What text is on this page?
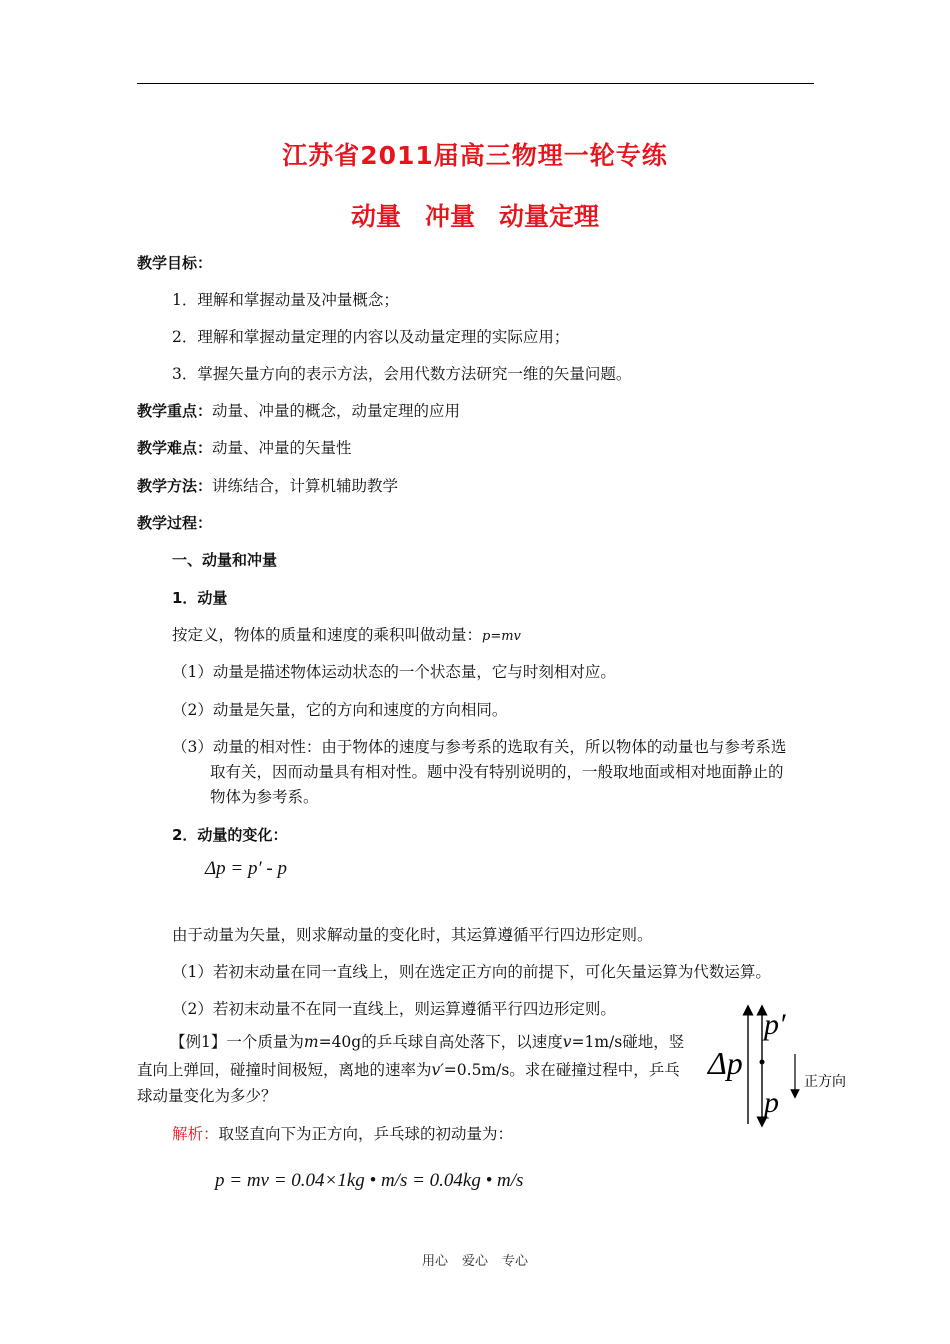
江苏省2011届高三物理一轮专练
动量 冲量 动量定理
教学目标：
1．理解和掌握动量及冲量概念；
2．理解和掌握动量定理的内容以及动量定理的实际应用；
3．掌握矢量方向的表示方法，会用代数方法研究一维的矢量问题。
教学重点：动量、冲量的概念，动量定理的应用
教学难点：动量、冲量的矢量性
教学方法：讲练结合，计算机辅助教学
教学过程：
一、动量和冲量
1．动量
按定义，物体的质量和速度的乘积叫做动量：p=mv
（1）动量是描述物体运动状态的一个状态量，它与时刻相对应。
（2）动量是矢量，它的方向和速度的方向相同。
（3）动量的相对性：由于物体的速度与参考系的选取有关，所以物体的动量也与参考系选
取有关，因而动量具有相对性。题中没有特别说明的，一般取地面或相对地面静止的
物体为参考系。
2．动量的变化：
Δp = p′ - p
由于动量为矢量，则求解动量的变化时，其运算遵循平行四边形定则。
（1）若初末动量在同一直线上，则在选定正方向的前提下，可化矢量运算为代数运算。
（2）若初末动量不在同一直线上，则运算遵循平行四边形定则。
【例1】一个质量为m=40g的乒乓球自高处落下，以速度v=1m/s碰地，竖
直向上弹回，碰撞时间极短，离地的速率为v′=0.5m/s。求在碰撞过程中，乒乓
球动量变化为多少？
p′
Δp
p
正方向
解析：取竖直向下为正方向，乒乓球的初动量为：
p = mv = 0.04×1kg • m/s = 0.04kg • m/s
用心 爱心 专心
